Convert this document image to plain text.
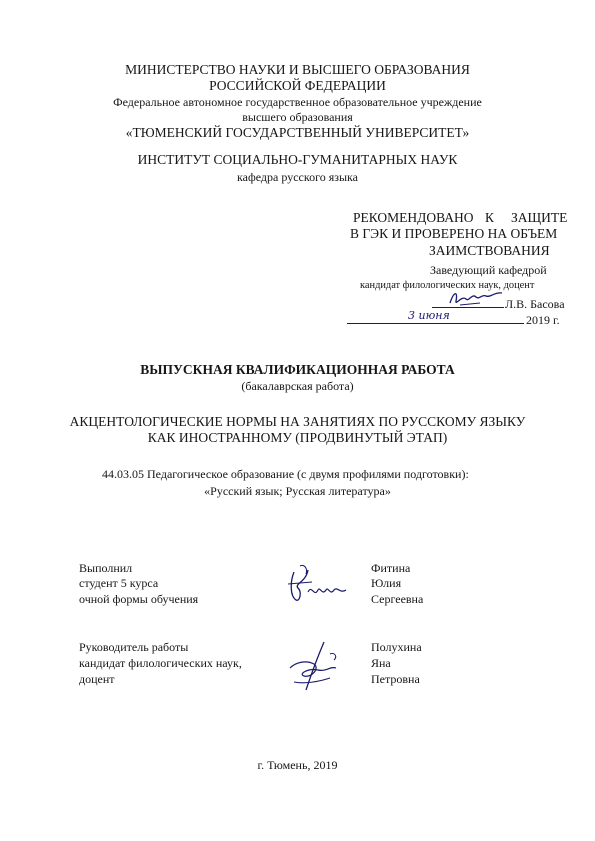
МИНИСТЕРСТВО НАУКИ И ВЫСШЕГО ОБРАЗОВАНИЯ
РОССИЙСКОЙ ФЕДЕРАЦИИ
Федеральное автономное государственное образовательное учреждение
высшего образования
«ТЮМЕНСКИЙ ГОСУДАРСТВЕННЫЙ УНИВЕРСИТЕТ»
ИНСТИТУТ СОЦИАЛЬНО-ГУМАНИТАРНЫХ НАУК
кафедра русского языка
РЕКОМЕНДОВАНО К ЗАЩИТЕ
В ГЭК И ПРОВЕРЕНО НА ОБЪЕМ
ЗАИМСТВОВАНИЯ
Заведующий кафедрой
кандидат филологических наук, доцент
Л.В. Басова
3 июня	2019 г.
ВЫПУСКНАЯ КВАЛИФИКАЦИОННАЯ РАБОТА
(бакалаврская работа)
АКЦЕНТОЛОГИЧЕСКИЕ НОРМЫ НА ЗАНЯТИЯХ ПО РУССКОМУ ЯЗЫКУ
КАК ИНОСТРАННОМУ (ПРОДВИНУТЫЙ ЭТАП)
44.03.05 Педагогическое образование (с двумя профилями подготовки):
«Русский язык; Русская литература»
Выполнил
студент 5 курса
очной формы обучения
Фитина
Юлия
Сергеевна
Руководитель работы
кандидат филологических наук,
доцент
Полухина
Яна
Петровна
г. Тюмень, 2019
